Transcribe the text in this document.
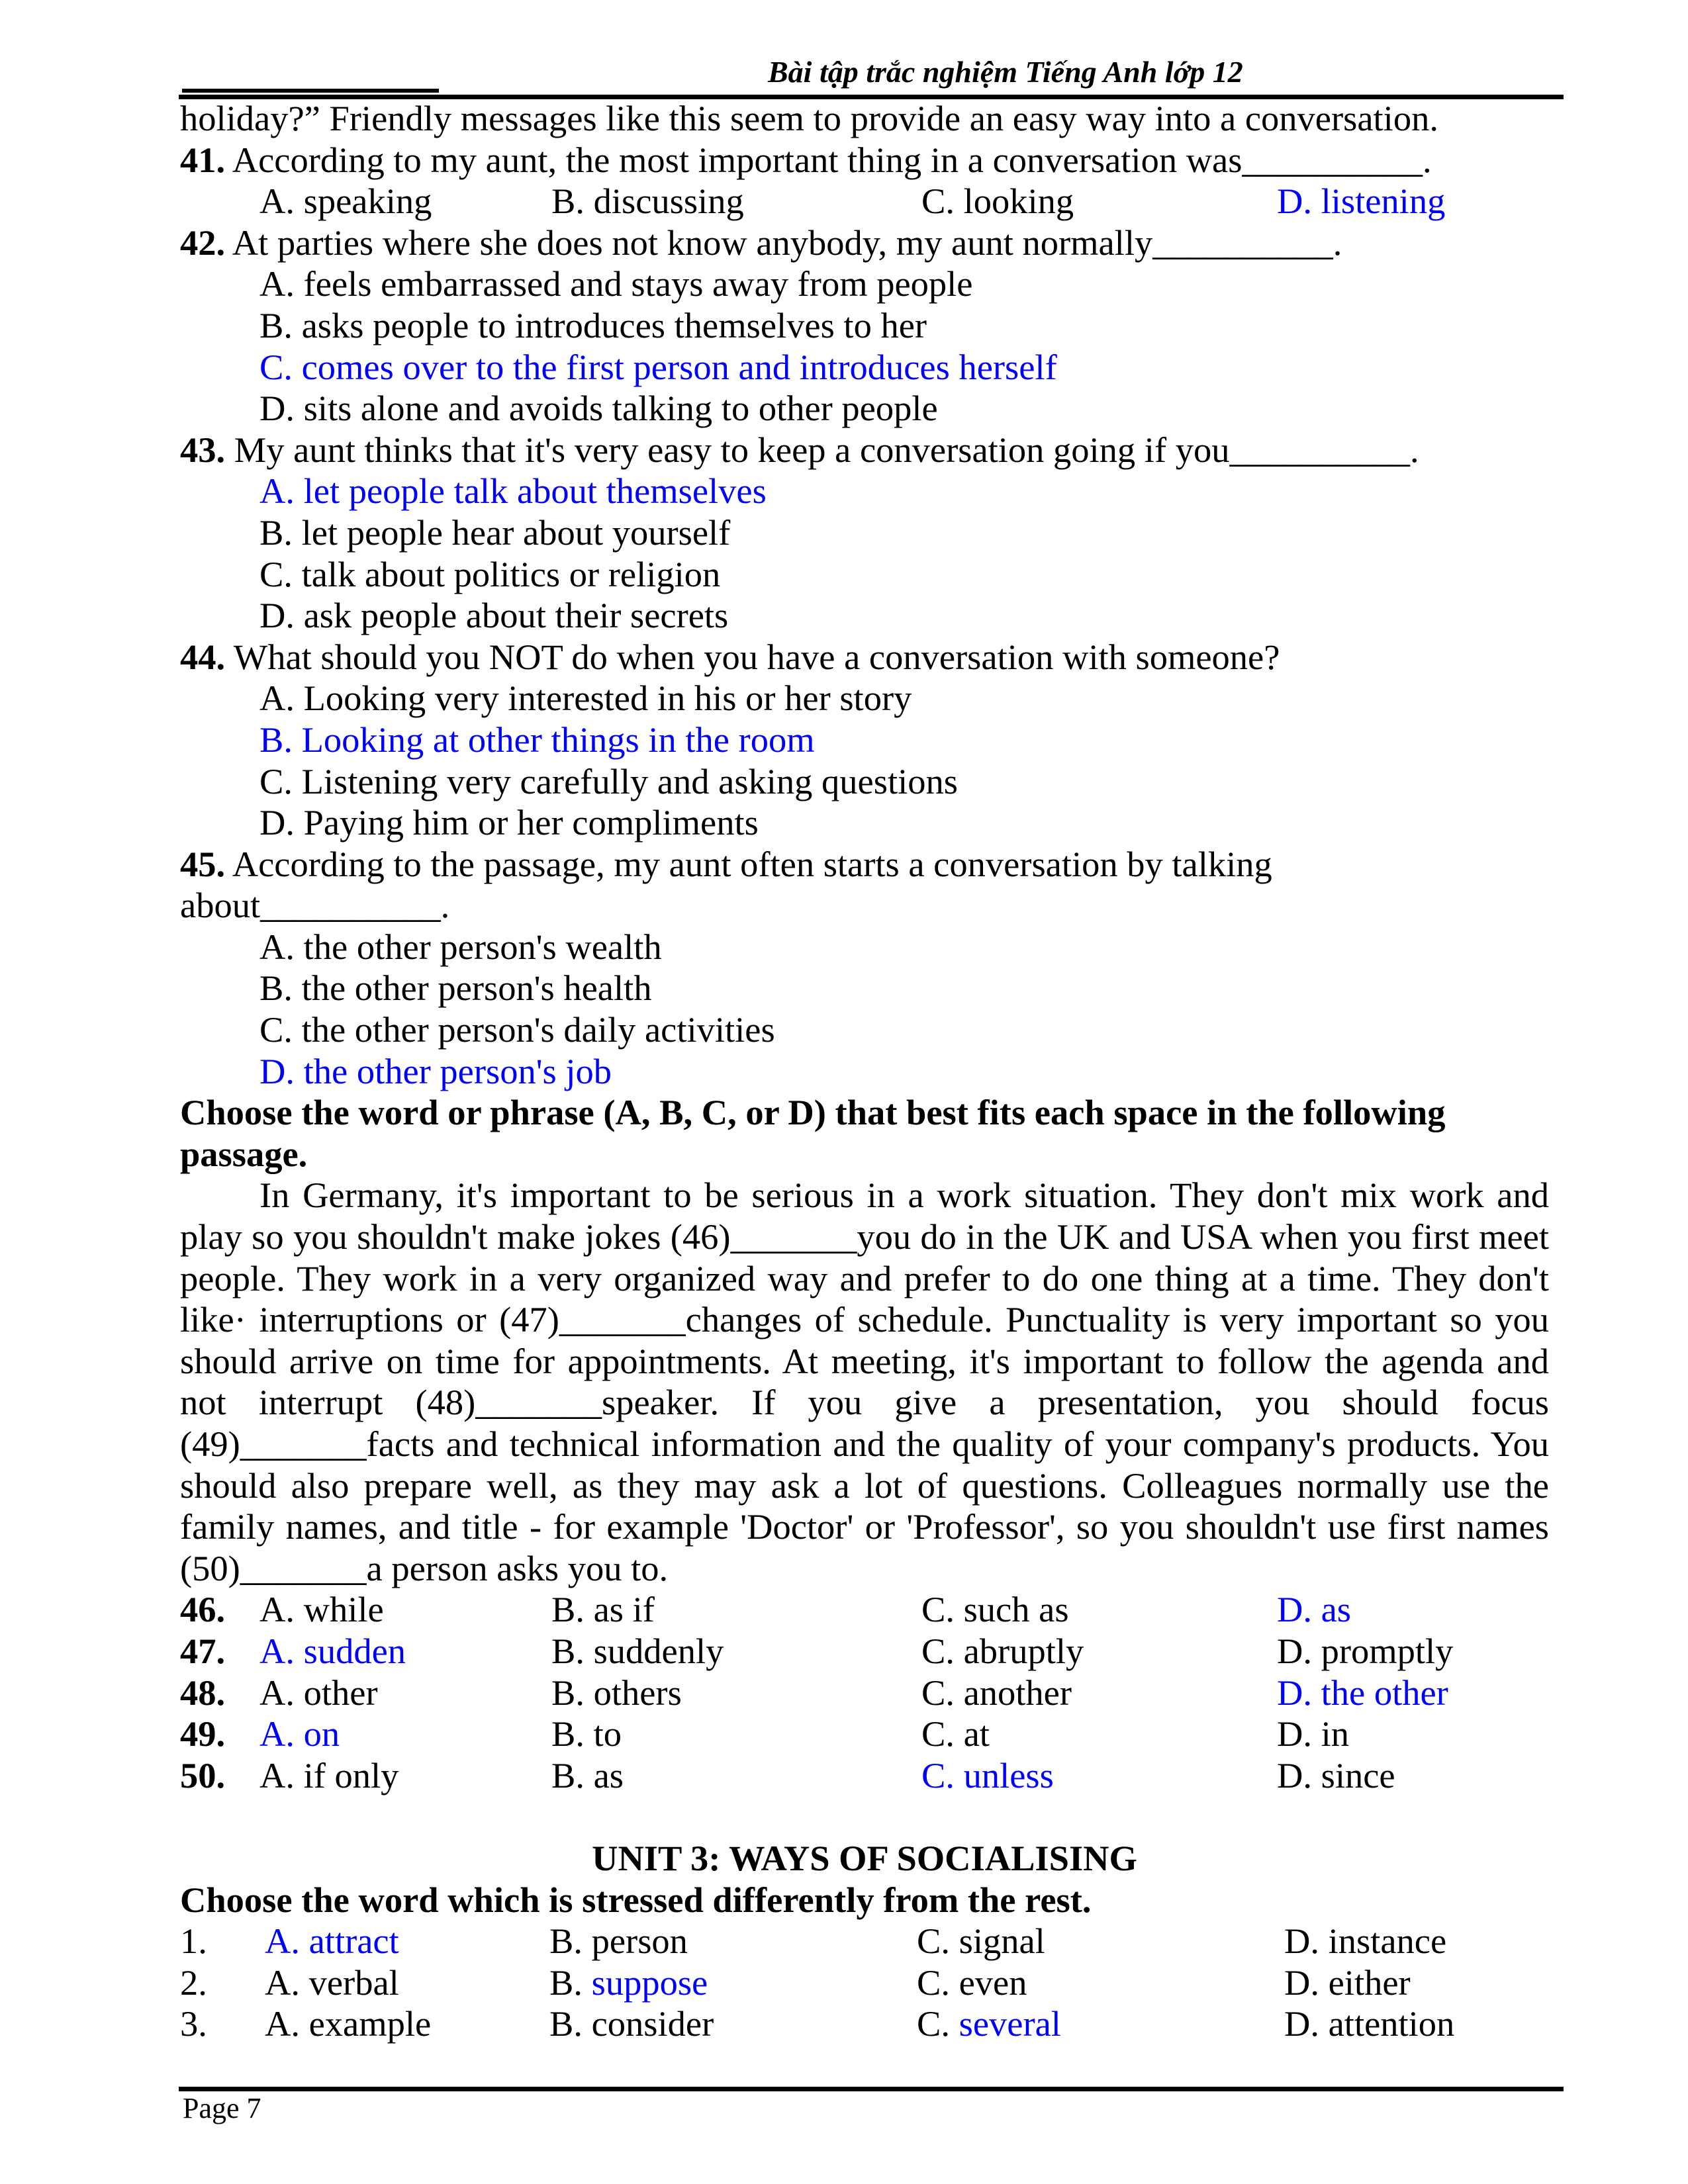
Bài tập trắc nghiệm Tiếng Anh lớp 12
holiday?” Friendly messages like this seem to provide an easy way into a conversation.
41. According to my aunt, the most important thing in a conversation was__________.
A. speaking	B. discussing	C. looking	D. listening
42. At parties where she does not know anybody, my aunt normally__________.
A. feels embarrassed and stays away from people
B. asks people to introduces themselves to her
C. comes over to the first person and introduces herself
D. sits alone and avoids talking to other people
43. My aunt thinks that it's very easy to keep a conversation going if you__________.
A. let people talk about themselves
B. let people hear about yourself
C. talk about politics or religion
D. ask people about their secrets
44. What should you NOT do when you have a conversation with someone?
A. Looking very interested in his or her story
B. Looking at other things in the room
C. Listening very carefully and asking questions
D. Paying him or her compliments
45. According to the passage, my aunt often starts a conversation by talking
about__________.
A. the other person's wealth
B. the other person's health
C. the other person's daily activities
D. the other person's job
Choose the word or phrase (A, B, C, or D) that best fits each space in the following
passage.
In Germany, it's important to be serious in a work situation. They don't mix work and
play so you shouldn't make jokes (46)_______you do in the UK and USA when you first meet
people. They work in a very organized way and prefer to do one thing at a time. They don't
like· interruptions or (47)_______changes of schedule. Punctuality is very important so you
should arrive on time for appointments. At meeting, it's important to follow the agenda and
not interrupt (48)_______speaker. If you give a presentation, you should focus
(49)_______facts and technical information and the quality of your company's products. You
should also prepare well, as they may ask a lot of questions. Colleagues normally use the
family names, and title - for example 'Doctor' or 'Professor', so you shouldn't use first names
(50)_______a person asks you to.
46. A. while	B. as if	C. such as	D. as
47. A. sudden	B. suddenly	C. abruptly	D. promptly
48. A. other	B. others	C. another	D. the other
49. A. on	B. to	C. at	D. in
50. A. if only	B. as	C. unless	D. since
UNIT 3: WAYS OF SOCIALISING
Choose the word which is stressed differently from the rest.
1. A. attract	B. person	C. signal	D. instance
2. A. verbal	B. suppose	C. even	D. either
3. A. example	B. consider	C. several	D. attention
Page 7
